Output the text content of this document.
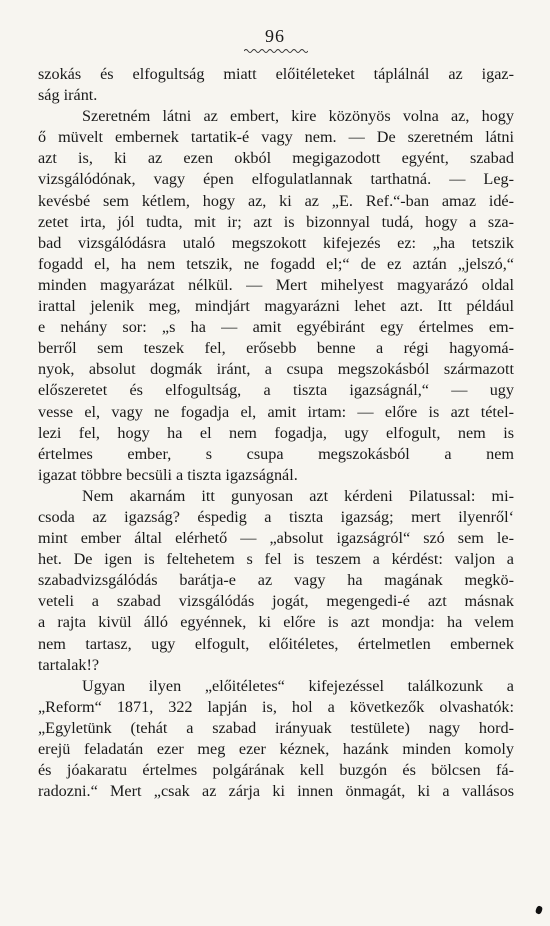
96
szokás és elfogultság miatt előitéleteket táplálnál az igaz-
ság iránt.
Szeretném látni az embert, kire közönyös volna az, hogy
ő müvelt embernek tartatik-é vagy nem. — De szeretném látni
azt is, ki az ezen okból megigazodott egyént, szabad
vizsgálódónak, vagy épen elfogulatlannak tarthatná. — Leg-
kevésbé sem kétlem, hogy az, ki az „E. Ref.“-ban amaz idé-
zetet irta, jól tudta, mit ir; azt is bizonnyal tudá, hogy a sza-
bad vizsgálódásra utaló megszokott kifejezés ez: „ha tetszik
fogadd el, ha nem tetszik, ne fogadd el;“ de ez aztán „jelszó,“
minden magyarázat nélkül. — Mert mihelyest magyarázó oldal
irattal jelenik meg, mindjárt magyarázni lehet azt. Itt például
e nehány sor: „s ha — amit egyébiránt egy értelmes em-
berről sem teszek fel, erősebb benne a régi hagyomá-
nyok, absolut dogmák iránt, a csupa megszokásból származott
előszeretet és elfogultság, a tiszta igazságnál,“ — ugy
vesse el, vagy ne fogadja el, amit irtam: — előre is azt tétel-
lezi fel, hogy ha el nem fogadja, ugy elfogult, nem is
értelmes ember, s csupa megszokásból a nem
igazat többre becsüli a tiszta igazságnál.
Nem akarnám itt gunyosan azt kérdeni Pilatussal: mi-
csoda az igazság? éspedig a tiszta igazság; mert ilyenről‘
mint ember által elérhető — „absolut igazságról“ szó sem le-
het. De igen is feltehetem s fel is teszem a kérdést: valjon a
szabadvizsgálódás barátja-e az vagy ha magának megkö-
veteli a szabad vizsgálódás jogát, megengedi-é azt másnak
a rajta kivül álló egyénnek, ki előre is azt mondja: ha velem
nem tartasz, ugy elfogult, előitéletes, értelmetlen embernek
tartalak!?
Ugyan ilyen „előitéletes“ kifejezéssel találkozunk a
„Reform“ 1871, 322 lapján is, hol a következők olvashatók:
„Egyletünk (tehát a szabad irányuak testülete) nagy hord-
erejü feladatán ezer meg ezer kéznek, hazánk minden komoly
és jóakaratu értelmes polgárának kell buzgón és bölcsen fá-
radozni.“ Mert „csak az zárja ki innen önmagát, ki a vallásos
